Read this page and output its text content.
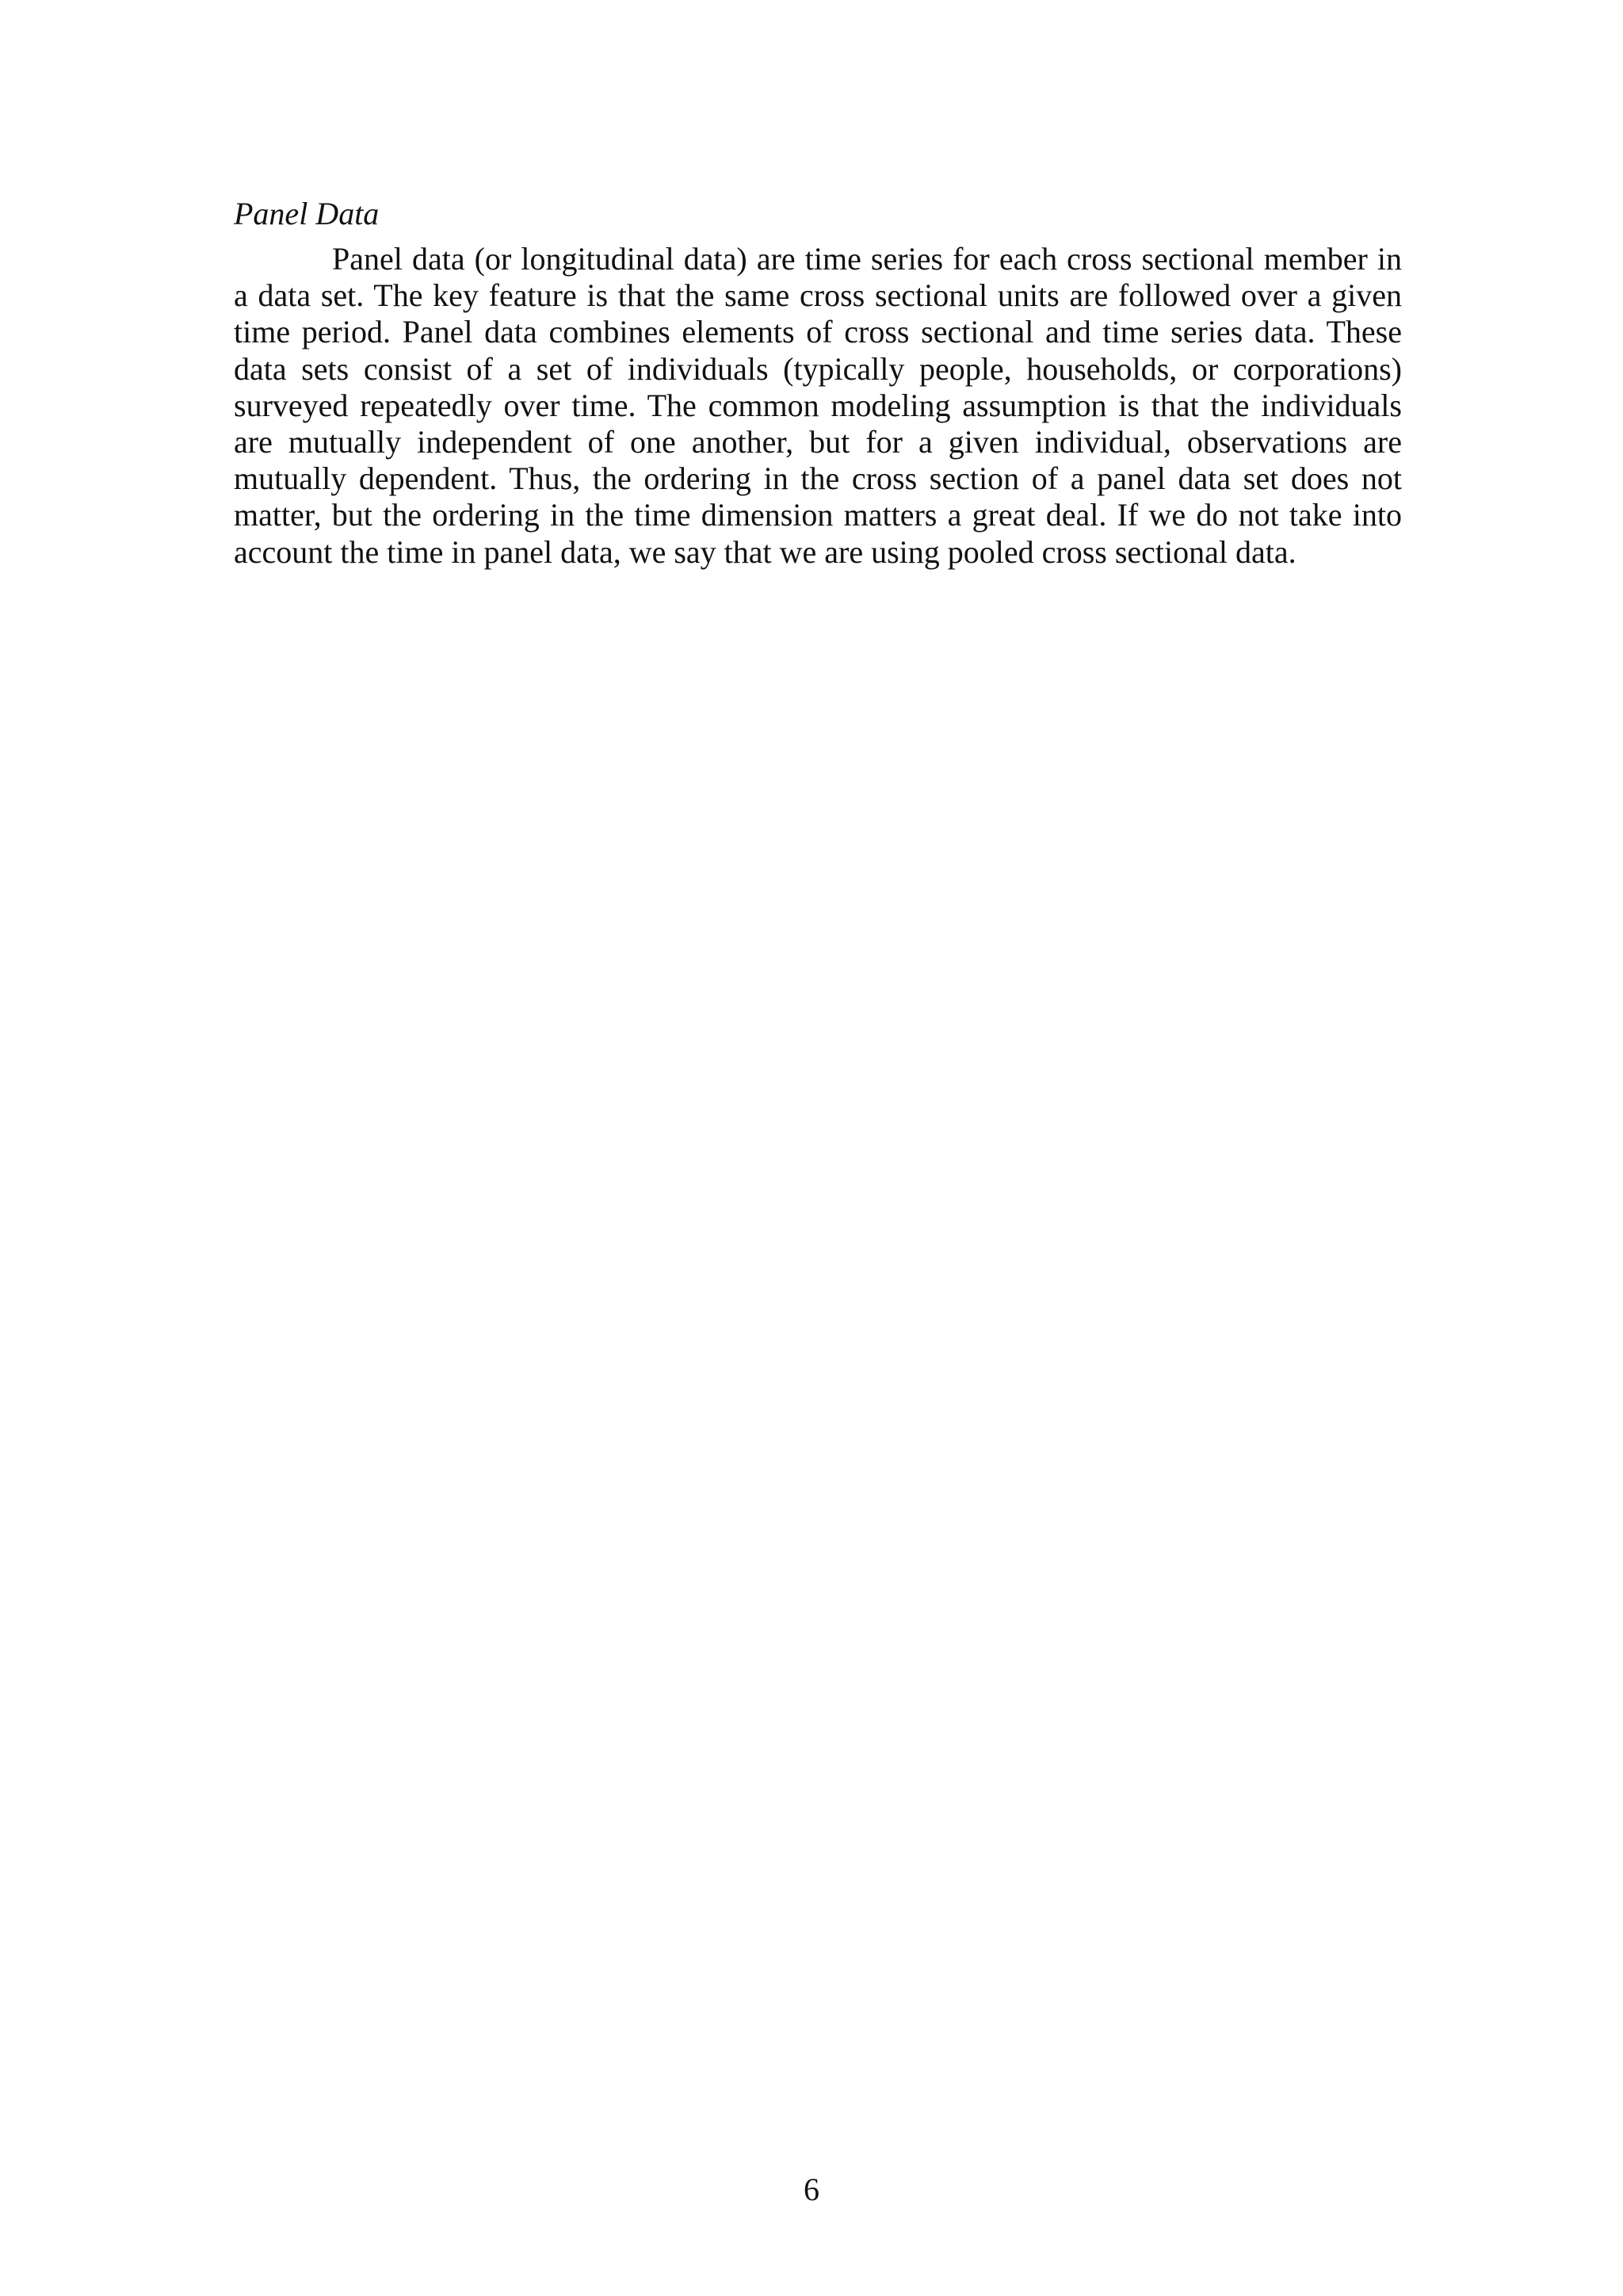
Panel Data

Panel data (or longitudinal data) are time series for each cross sectional member in a data set. The key feature is that the same cross sectional units are followed over a given time period. Panel data combines elements of cross sectional and time series data. These data sets consist of a set of individuals (typically people, households, or corporations) surveyed repeatedly over time. The common modeling assumption is that the individuals are mutually independent of one another, but for a given individual, observations are mutually dependent. Thus, the ordering in the cross section of a panel data set does not matter, but the ordering in the time dimension matters a great deal. If we do not take into account the time in panel data, we say that we are using pooled cross sectional data.

6
